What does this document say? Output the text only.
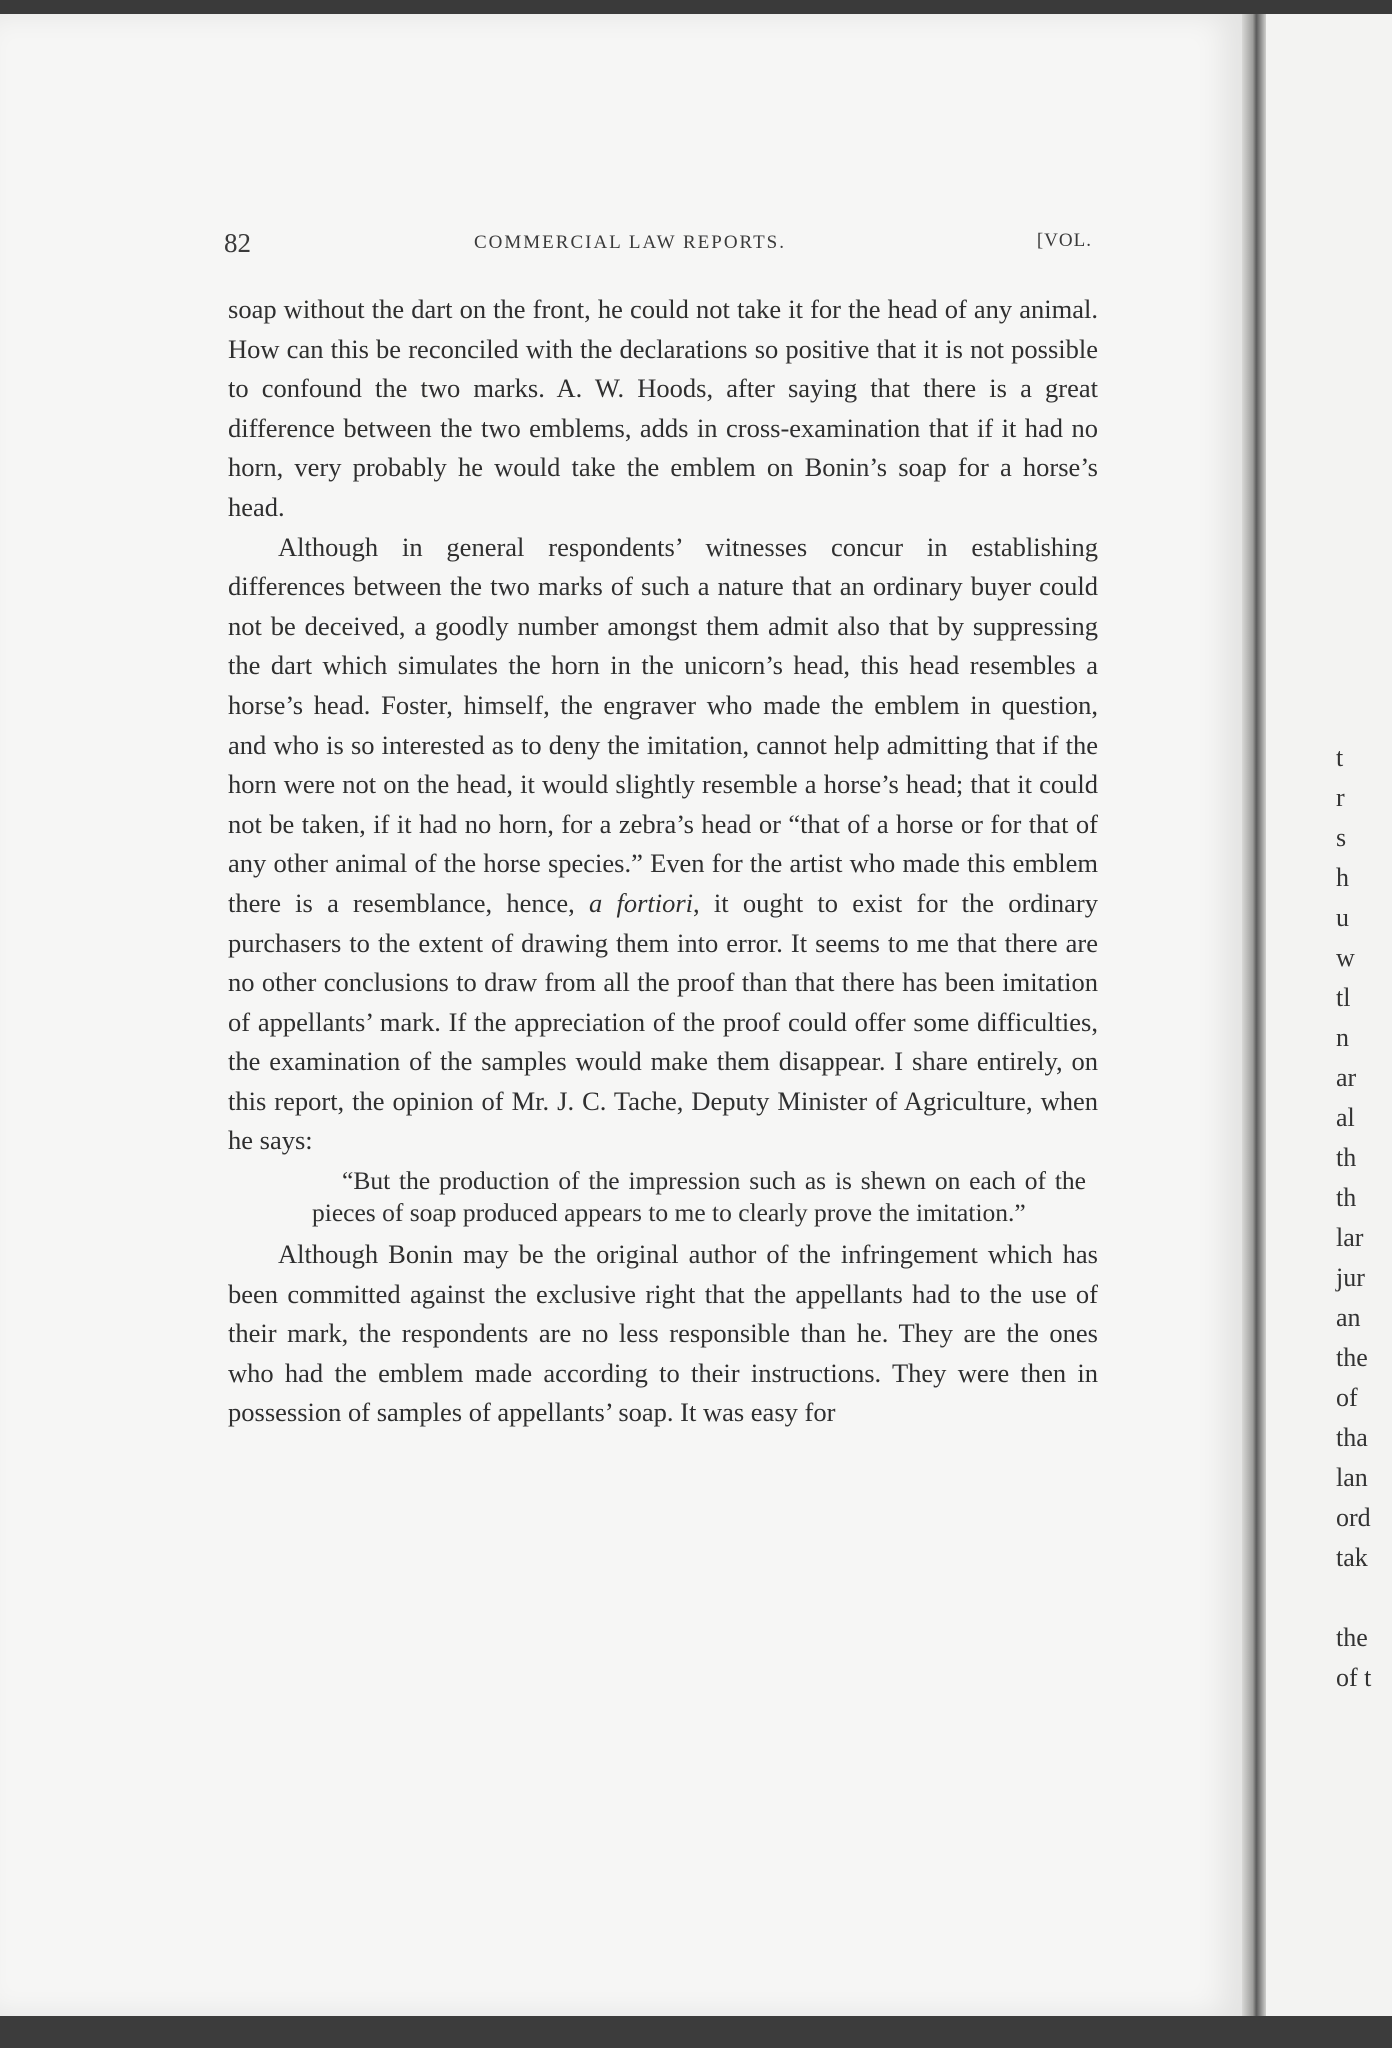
82	COMMERCIAL LAW REPORTS.	[VOL.

soap without the dart on the front, he could not take it for the head of any animal. How can this be reconciled with the declarations so positive that it is not possible to confound the two marks. A. W. Hoods, after saying that there is a great difference between the two emblems, adds in cross-examination that if it had no horn, very probably he would take the emblem on Bonin’s soap for a horse’s head.

Although in general respondents’ witnesses concur in establishing differences between the two marks of such a nature that an ordinary buyer could not be deceived, a goodly number amongst them admit also that by suppressing the dart which simulates the horn in the unicorn’s head, this head resembles a horse’s head. Foster, himself, the engraver who made the emblem in question, and who is so interested as to deny the imitation, cannot help admitting that if the horn were not on the head, it would slightly resemble a horse’s head; that it could not be taken, if it had no horn, for a zebra’s head or “that of a horse or for that of any other animal of the horse species.” Even for the artist who made this emblem there is a resemblance, hence, a fortiori, it ought to exist for the ordinary purchasers to the extent of drawing them into error. It seems to me that there are no other conclusions to draw from all the proof than that there has been imitation of appellants’ mark. If the appreciation of the proof could offer some difficulties, the examination of the samples would make them disappear. I share entirely, on this report, the opinion of Mr. J. C. Tache, Deputy Minister of Agriculture, when he says:

“But the production of the impression such as is shewn on each of the pieces of soap produced appears to me to clearly prove the imitation.”

Although Bonin may be the original author of the infringement which has been committed against the exclusive right that the appellants had to the use of their mark, the respondents are no less responsible than he. They are the ones who had the emblem made according to their instructions. They were then in possession of samples of appellants’ soap. It was easy for

t
r
s
h
u
w
tl
n
ar
al
th
th
lar
jur
an
the
of
tha
lan
ord
tak
the
of t
